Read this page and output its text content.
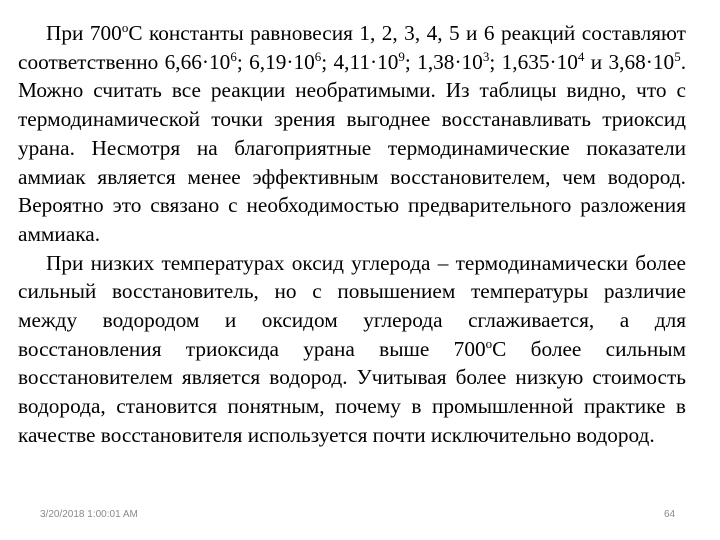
При $700^оС$ константы равновесия 1, 2, 3, 4, 5 и 6 реакций составляют соответственно $6,66\cdot 10^6$; $6,19\cdot 10^6$; $4,11\cdot 10^9$; $1,38\cdot 10^3$; $1,635\cdot 10^4$ и $3,68\cdot 10^5$. Можно считать все реакции необратимыми. Из таблицы видно, что с термодинамической точки зрения выгоднее восстанавливать триоксид урана. Несмотря на благоприятные термодинамические показатели аммиак является менее эффективным восстановителем, чем водород. Вероятно это связано с необходимостью предварительного разложения аммиака.

При низких температурах оксид углерода – термодинамически более сильный восстановитель, но с повышением температуры различие между водородом и оксидом углерода сглаживается, а для восстановления триоксида урана выше $700^оС$ более сильным восстановителем является водород. Учитывая более низкую стоимость водорода, становится понятным, почему в промышленной практике в качестве восстановителя используется почти исключительно водород.

3/20/2018 1:00:01 AM	64
